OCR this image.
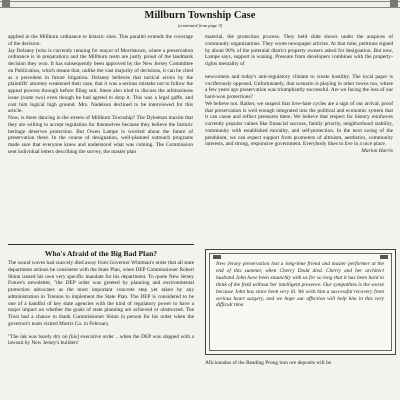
Millburn Township Case
(continued from page 3)

applied in the Millburn ordinance to historic sites. This parallel extends the coverage of the decision.

Jay Delaney (who is currently running for mayor of Morristown, where a preservation ordinance is in preparation) and the Millburn team are justly proud of the landmark decision they won. It has subsequently been approved by the New Jersey Committee on Publication, which means that, unlike the vast majority of decisions, it can be cited as a precedent in future litigation. Delaney believes that tactical errors by the plaintiffs' attorney weakened their case, that it was a serious mistake not to follow the appeal process through before filing suit. Steen also tried to discuss the arbitrariness issue (route two) even though he had agreed to drop it. This was a legal gaffe, and cost him logical high ground. Mrs. Nadelson declined to be interviewed for this article.

Now, is there dancing in the streets of Millburn Township? The Dykeman maxim that they are willing to accept regulation for themselves because they believe the historic heritage deserves protection. But Owen Lampe is worried about the future of preservation there. In the course of designation, well-planned outreach programs made sure that everyone knew and understood what was coming. The Commission sent individual letters describing the survey, the master plan

material, the protection process. They held slide shows under the auspices of community organizations. They wrote newspaper articles. At that time, petitions signed by about 90% of the potential district property owners asked for designation. But now, Lampe says, support is waning. Pressure from developers combines with the property-rights mentality of

newcomers and today's anti-regulatory climate to create hostility. The local paper is vociferously opposed. Unfortunately, that scenario is playing in other towns too, where a few years ago preservation was triumphantly successful. Are we facing the loss of our hard-won protections?

We believe not. Rather, we suspect that love-hate cycles are a sign of our arrival, proof that preservation is well enough integrated into the political and economic system that it can cause and reflect pressures there. We believe that respect for history reinforces currently popular values like financial success, family priority, neighborhood stability, community with established morality, and self-protection. In the next swing of the pendulum, we can expect support from promoters of altruism, aesthetics, community interests, and strong, responsive government. Everybody likes to live in a nice place.

Marion Harris

Who's Afraid of the Big Bad Plan?

The sound waves had scarcely died away from Governor Whitman's order that all state department actions be consistent with the State Plan, when DEP Commissioner Robert Shinn issued his own very specific mandate for his department. To quote New Jersey Future's newsletter, "the DEP order was greeted by planning and environmental protection advocates as the most important concrete step yet taken by any administration in Trenton to implement the State Plan. The DEP is considered to be one of a handful of key state agencies with the kind of regulatory power to have a major impact on whether the goals of state planning are achieved or obstructed. The Trust had a chance to thank Commissioner Shinn in person for his order when the governor's team visited Morris Co. in February.

"The ink was barely dry on [his] executive order .. when the DEP was slapped with a lawsuit by New Jersey's builders'

New Jersey preservation lost a long-time friend and master performer at the end of this summer, when Cherry Dodd died. Cherry and her architect husband John have been staunchly with us for so long that it has been hard to think of the field without her intelligent presence. Our sympathies is the worse because John has since been very ill. We wish him a successful recovery from serious heart surgery, and we hope our affection will help him in this very difficult time.

Aficionados of the Reading Prong iron ore deposits will be
